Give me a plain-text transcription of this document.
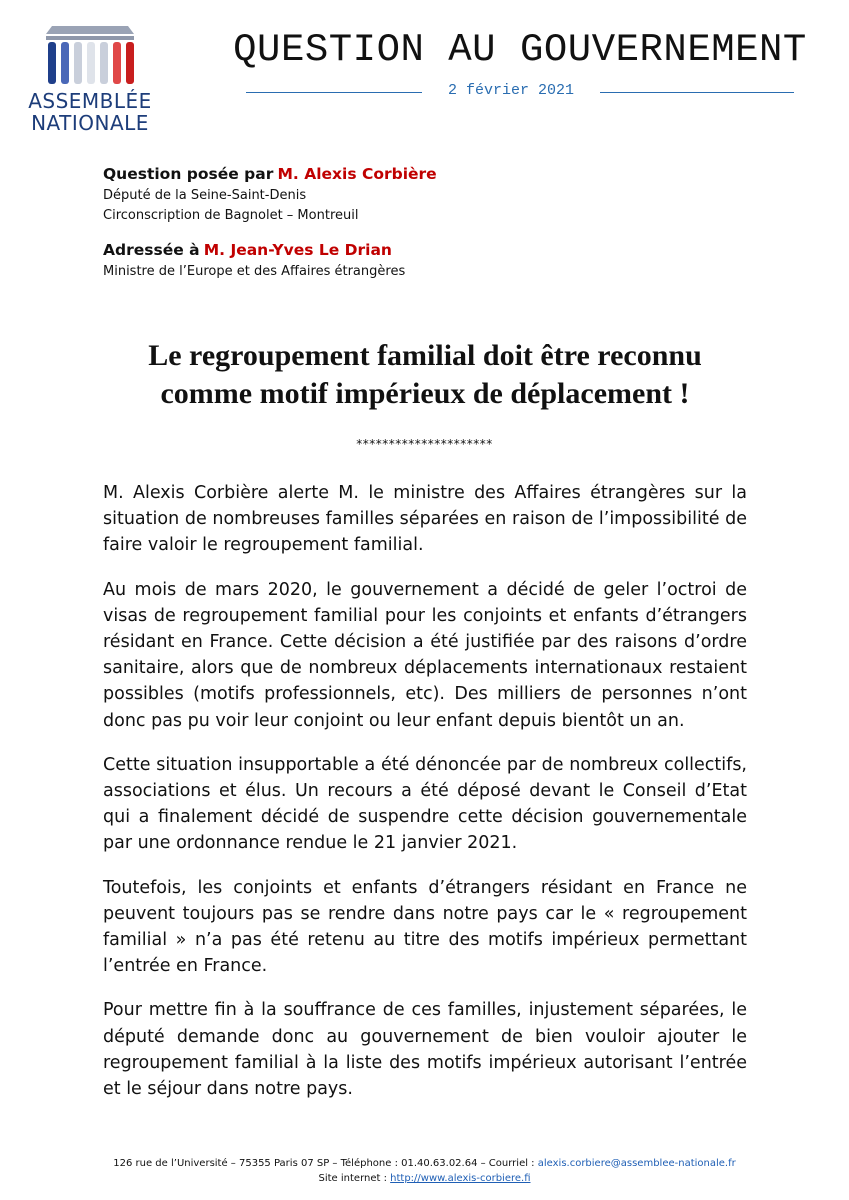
ASSEMBLÉE
NATIONALE
QUESTION AU GOUVERNEMENT
2 février 2021
Question posée par M. Alexis Corbière
Député de la Seine-Saint-Denis
Circonscription de Bagnolet – Montreuil
Adressée à M. Jean-Yves Le Drian
Ministre de l’Europe et des Affaires étrangères
Le regroupement familial doit être reconnu
comme motif impérieux de déplacement !
*********************

M. Alexis Corbière alerte M. le ministre des Affaires étrangères sur la situation de nombreuses familles séparées en raison de l’impossibilité de faire valoir le regroupement familial.

Au mois de mars 2020, le gouvernement a décidé de geler l’octroi de visas de regroupement familial pour les conjoints et enfants d’étrangers résidant en France. Cette décision a été justifiée par des raisons d’ordre sanitaire, alors que de nombreux déplacements internationaux restaient possibles (motifs professionnels, etc). Des milliers de personnes n’ont donc pas pu voir leur conjoint ou leur enfant depuis bientôt un an.

Cette situation insupportable a été dénoncée par de nombreux collectifs, associations et élus. Un recours a été déposé devant le Conseil d’Etat qui a finalement décidé de suspendre cette décision gouvernementale par une ordonnance rendue le 21 janvier 2021.

Toutefois, les conjoints et enfants d’étrangers résidant en France ne peuvent toujours pas se rendre dans notre pays car le « regroupement familial » n’a pas été retenu au titre des motifs impérieux permettant l’entrée en France.

Pour mettre fin à la souffrance de ces familles, injustement séparées, le député demande donc au gouvernement de bien vouloir ajouter le regroupement familial à la liste des motifs impérieux autorisant l’entrée et le séjour dans notre pays.

126 rue de l’Université – 75355 Paris 07 SP – Téléphone : 01.40.63.02.64 – Courriel : alexis.corbiere@assemblee-nationale.fr
Site internet : http://www.alexis-corbiere.fi
